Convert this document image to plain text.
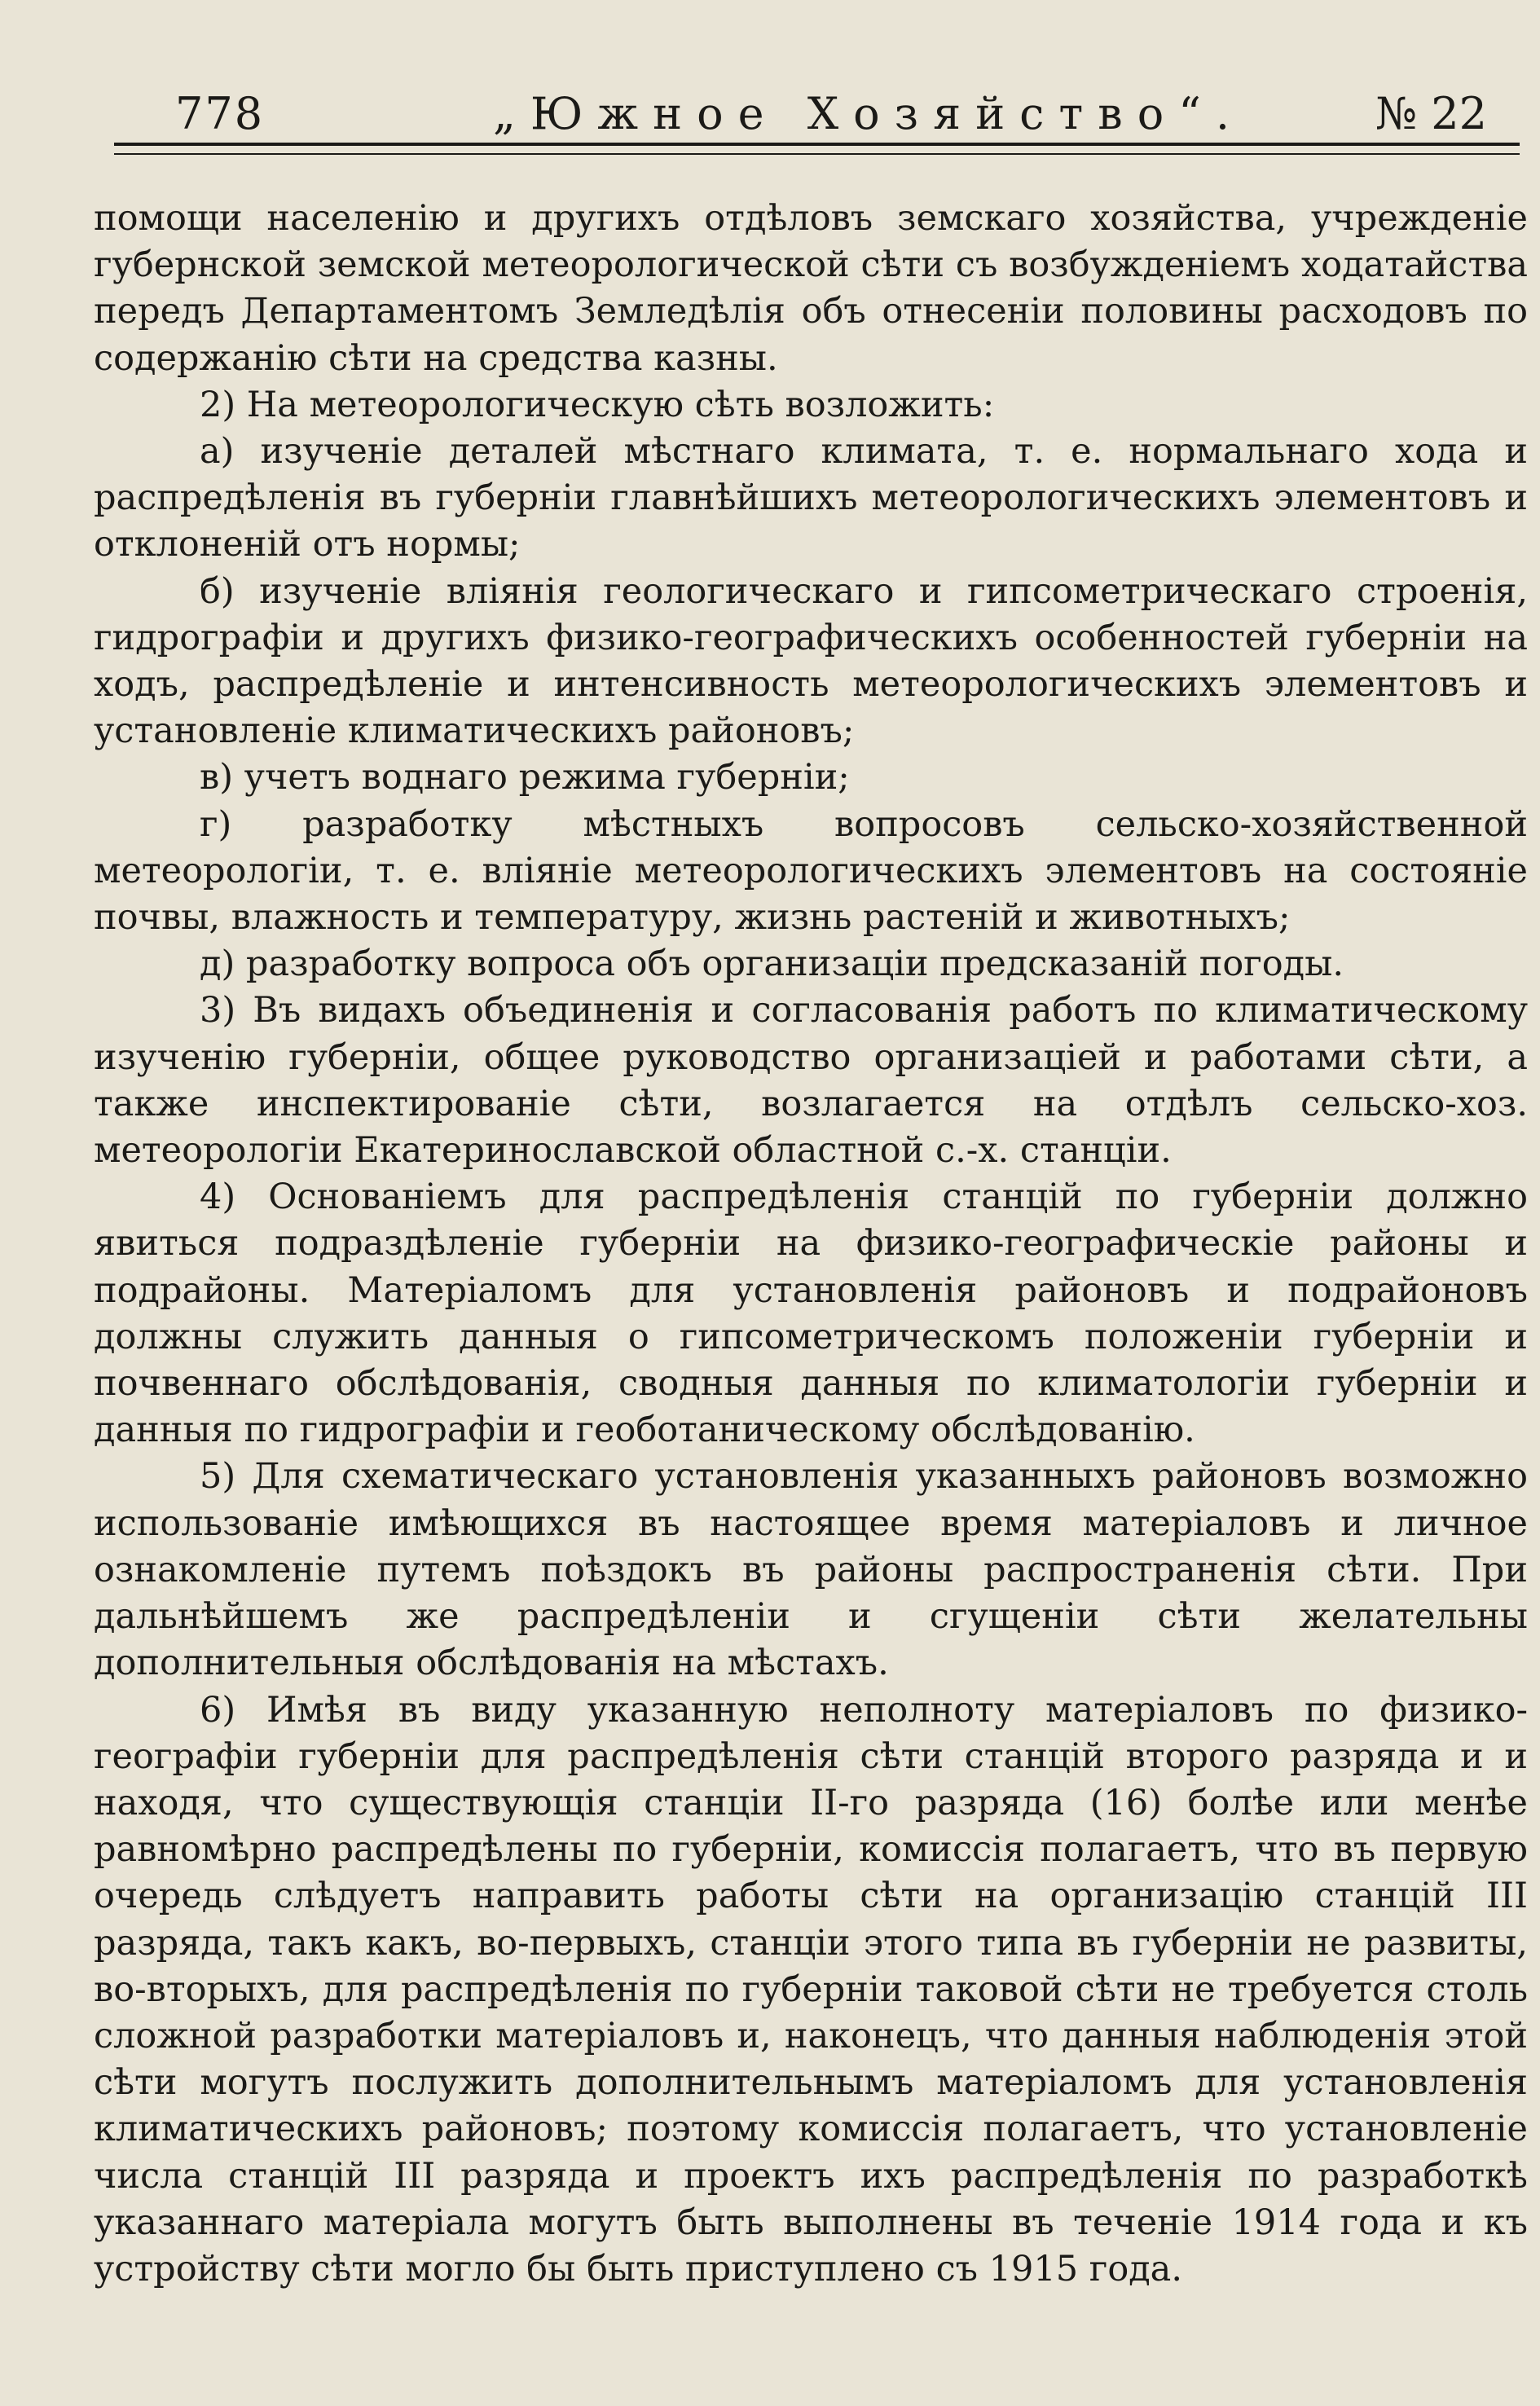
778	„Южное Хозяйство“.	№ 22

помощи населенію и другихъ отдѣловъ земскаго хозяйства, учрежденіе губернской земской метеорологической сѣти съ возбужденіемъ ходатайства передъ Департаментомъ Земледѣлія объ отнесеніи половины расходовъ по содержанію сѣти на средства казны.

2) На метеорологическую сѣть возложить:

а) изученіе деталей мѣстнаго климата, т. е. нормальнаго хода и распредѣленія въ губерніи главнѣйшихъ метеорологическихъ элементовъ и отклоненій отъ нормы;

б) изученіе вліянія геологическаго и гипсометрическаго строенія, гидрографіи и другихъ физико-географическихъ особенностей губерніи на ходъ, распредѣленіе и интенсивность метеорологическихъ элементовъ и установленіе климатическихъ районовъ;

в) учетъ воднаго режима губерніи;

г) разработку мѣстныхъ вопросовъ сельско-хозяйственной метеорологіи, т. е. вліяніе метеорологическихъ элементовъ на состояніе почвы, влажность и температуру, жизнь растеній и животныхъ;

д) разработку вопроса объ организаціи предсказаній погоды.

3) Въ видахъ объединенія и согласованія работъ по климатическому изученію губерніи, общее руководство организаціей и работами сѣти, а также инспектированіе сѣти, возлагается на отдѣлъ сельско-хоз. метеорологіи Екатеринославской областной с.-х. станціи.

4) Основаніемъ для распредѣленія станцій по губерніи должно явиться подраздѣленіе губерніи на физико-географическіе районы и подрайоны. Матеріаломъ для установленія районовъ и подрайоновъ должны служить данныя о гипсометрическомъ положеніи губерніи и почвеннаго обслѣдованія, сводныя данныя по климатологіи губерніи и данныя по гидрографіи и геоботаническому обслѣдованію.

5) Для схематическаго установленія указанныхъ районовъ возможно использованіе имѣющихся въ настоящее время матеріаловъ и личное ознакомленіе путемъ поѣздокъ въ районы распространенія сѣти. При дальнѣйшемъ же распредѣленіи и сгущеніи сѣти желательны дополнительныя обслѣдованія на мѣстахъ.

6) Имѣя въ виду указанную неполноту матеріаловъ по физико-географіи губерніи для распредѣленія сѣти станцій второго разряда и и находя, что существующія станціи II-го разряда (16) болѣе или менѣе равномѣрно распредѣлены по губерніи, комиссія полагаетъ, что въ первую очередь слѣдуетъ направить работы сѣти на организацію станцій III разряда, такъ какъ, во-первыхъ, станціи этого типа въ губерніи не развиты, во-вторыхъ, для распредѣленія по губерніи таковой сѣти не требуется столь сложной разработки матеріаловъ и, наконецъ, что данныя наблюденія этой сѣти могутъ послужить дополнительнымъ матеріаломъ для установленія климатическихъ районовъ; поэтому комиссія полагаетъ, что установленіе числа станцій III разряда и проектъ ихъ распредѣленія по разработкѣ указаннаго матеріала могутъ быть выполнены въ теченіе 1914 года и къ устройству сѣти могло бы быть приступлено съ 1915 года.
